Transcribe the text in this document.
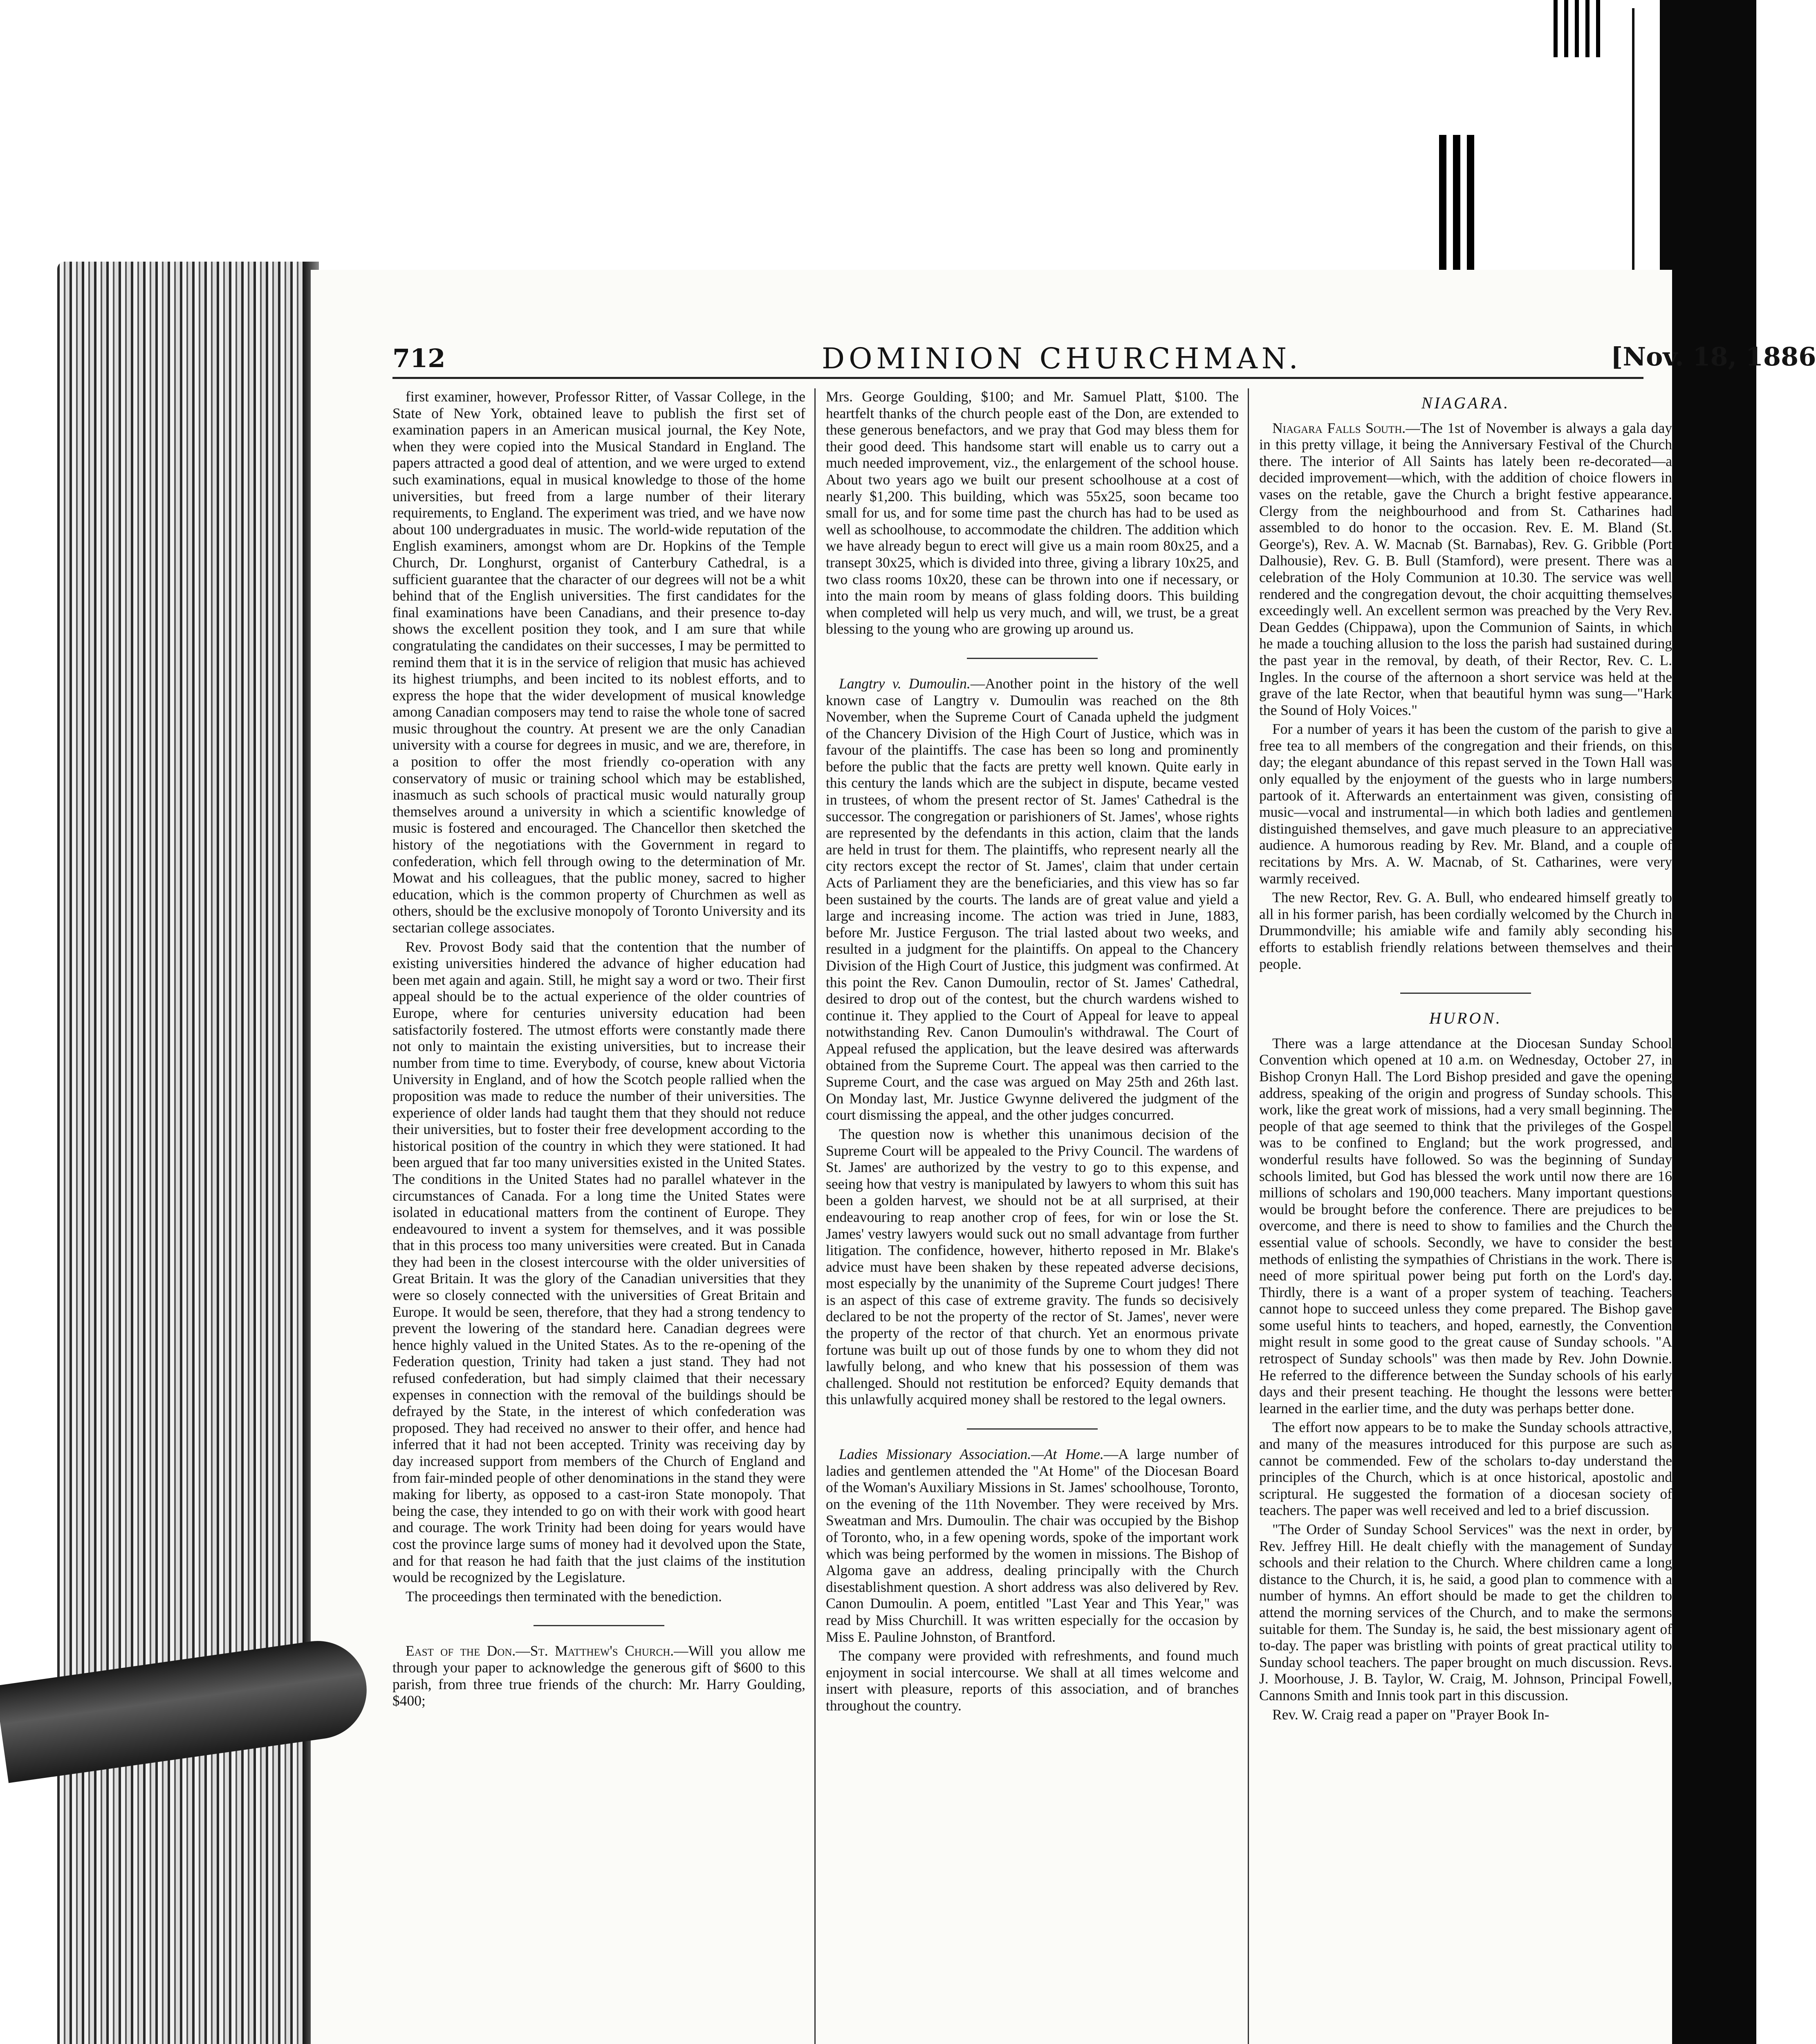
712	DOMINION CHURCHMAN.	[Nov. 18, 1886

first examiner, however, Professor Ritter, of Vassar College, in the State of New York, obtained leave to publish the first set of examination papers in an American musical journal, the Key Note, when they were copied into the Musical Standard in England. The papers attracted a good deal of attention, and we were urged to extend such examinations, equal in musical knowledge to those of the home universities, but freed from a large number of their literary requirements, to England. The experiment was tried, and we have now about 100 undergraduates in music. The world-wide reputation of the English examiners, amongst whom are Dr. Hopkins of the Temple Church, Dr. Longhurst, organist of Canterbury Cathedral, is a sufficient guarantee that the character of our degrees will not be a whit behind that of the English universities. The first candidates for the final examinations have been Canadians, and their presence to-day shows the excellent position they took, and I am sure that while congratulating the candidates on their successes, I may be permitted to remind them that it is in the service of religion that music has achieved its highest triumphs, and been incited to its noblest efforts, and to express the hope that the wider development of musical knowledge among Canadian composers may tend to raise the whole tone of sacred music throughout the country. At present we are the only Canadian university with a course for degrees in music, and we are, therefore, in a position to offer the most friendly co-operation with any conservatory of music or training school which may be established, inasmuch as such schools of practical music would naturally group themselves around a university in which a scientific knowledge of music is fostered and encouraged. The Chancellor then sketched the history of the negotiations with the Government in regard to confederation, which fell through owing to the determination of Mr. Mowat and his colleagues, that the public money, sacred to higher education, which is the common property of Churchmen as well as others, should be the exclusive monopoly of Toronto University and its sectarian college associates.

Rev. Provost Body said that the contention that the number of existing universities hindered the advance of higher education had been met again and again. Still, he might say a word or two. Their first appeal should be to the actual experience of the older countries of Europe, where for centuries university education had been satisfactorily fostered. The utmost efforts were constantly made there not only to maintain the existing universities, but to increase their number from time to time. Everybody, of course, knew about Victoria University in England, and of how the Scotch people rallied when the proposition was made to reduce the number of their universities. The experience of older lands had taught them that they should not reduce their universities, but to foster their free development according to the historical position of the country in which they were stationed. It had been argued that far too many universities existed in the United States. The conditions in the United States had no parallel whatever in the circumstances of Canada. For a long time the United States were isolated in educational matters from the continent of Europe. They endeavoured to invent a system for themselves, and it was possible that in this process too many universities were created. But in Canada they had been in the closest intercourse with the older universities of Great Britain. It was the glory of the Canadian universities that they were so closely connected with the universities of Great Britain and Europe. It would be seen, therefore, that they had a strong tendency to prevent the lowering of the standard here. Canadian degrees were hence highly valued in the United States. As to the re-opening of the Federation question, Trinity had taken a just stand. They had not refused confederation, but had simply claimed that their necessary expenses in connection with the removal of the buildings should be defrayed by the State, in the interest of which confederation was proposed. They had received no answer to their offer, and hence had inferred that it had not been accepted. Trinity was receiving day by day increased support from members of the Church of England and from fair-minded people of other denominations in the stand they were making for liberty, as opposed to a cast-iron State monopoly. That being the case, they intended to go on with their work with good heart and courage. The work Trinity had been doing for years would have cost the province large sums of money had it devolved upon the State, and for that reason he had faith that the just claims of the institution would be recognized by the Legislature.

The proceedings then terminated with the benediction.

East of the Don.—St. Matthew's Church.—Will you allow me through your paper to acknowledge the generous gift of $600 to this parish, from three true friends of the church: Mr. Harry Goulding, $400;

Mrs. George Goulding, $100; and Mr. Samuel Platt, $100. The heartfelt thanks of the church people east of the Don, are extended to these generous benefactors, and we pray that God may bless them for their good deed. This handsome start will enable us to carry out a much needed improvement, viz., the enlargement of the school house. About two years ago we built our present schoolhouse at a cost of nearly $1,200. This building, which was 55x25, soon became too small for us, and for some time past the church has had to be used as well as schoolhouse, to accommodate the children. The addition which we have already begun to erect will give us a main room 80x25, and a transept 30x25, which is divided into three, giving a library 10x25, and two class rooms 10x20, these can be thrown into one if necessary, or into the main room by means of glass folding doors. This building when completed will help us very much, and will, we trust, be a great blessing to the young who are growing up around us.

Langtry v. Dumoulin.—Another point in the history of the well known case of Langtry v. Dumoulin was reached on the 8th November, when the Supreme Court of Canada upheld the judgment of the Chancery Division of the High Court of Justice, which was in favour of the plaintiffs. The case has been so long and prominently before the public that the facts are pretty well known. Quite early in this century the lands which are the subject in dispute, became vested in trustees, of whom the present rector of St. James' Cathedral is the successor. The congregation or parishioners of St. James', whose rights are represented by the defendants in this action, claim that the lands are held in trust for them. The plaintiffs, who represent nearly all the city rectors except the rector of St. James', claim that under certain Acts of Parliament they are the beneficiaries, and this view has so far been sustained by the courts. The lands are of great value and yield a large and increasing income. The action was tried in June, 1883, before Mr. Justice Ferguson. The trial lasted about two weeks, and resulted in a judgment for the plaintiffs. On appeal to the Chancery Division of the High Court of Justice, this judgment was confirmed. At this point the Rev. Canon Dumoulin, rector of St. James' Cathedral, desired to drop out of the contest, but the church wardens wished to continue it. They applied to the Court of Appeal for leave to appeal notwithstanding Rev. Canon Dumoulin's withdrawal. The Court of Appeal refused the application, but the leave desired was afterwards obtained from the Supreme Court. The appeal was then carried to the Supreme Court, and the case was argued on May 25th and 26th last. On Monday last, Mr. Justice Gwynne delivered the judgment of the court dismissing the appeal, and the other judges concurred.

The question now is whether this unanimous decision of the Supreme Court will be appealed to the Privy Council. The wardens of St. James' are authorized by the vestry to go to this expense, and seeing how that vestry is manipulated by lawyers to whom this suit has been a golden harvest, we should not be at all surprised, at their endeavouring to reap another crop of fees, for win or lose the St. James' vestry lawyers would suck out no small advantage from further litigation. The confidence, however, hitherto reposed in Mr. Blake's advice must have been shaken by these repeated adverse decisions, most especially by the unanimity of the Supreme Court judges! There is an aspect of this case of extreme gravity. The funds so decisively declared to be not the property of the rector of St. James', never were the property of the rector of that church. Yet an enormous private fortune was built up out of those funds by one to whom they did not lawfully belong, and who knew that his possession of them was challenged. Should not restitution be enforced? Equity demands that this unlawfully acquired money shall be restored to the legal owners.

Ladies Missionary Association.—At Home.—A large number of ladies and gentlemen attended the "At Home" of the Diocesan Board of the Woman's Auxiliary Missions in St. James' schoolhouse, Toronto, on the evening of the 11th November. They were received by Mrs. Sweatman and Mrs. Dumoulin. The chair was occupied by the Bishop of Toronto, who, in a few opening words, spoke of the important work which was being performed by the women in missions. The Bishop of Algoma gave an address, dealing principally with the Church disestablishment question. A short address was also delivered by Rev. Canon Dumoulin. A poem, entitled "Last Year and This Year," was read by Miss Churchill. It was written especially for the occasion by Miss E. Pauline Johnston, of Brantford.

The company were provided with refreshments, and found much enjoyment in social intercourse. We shall at all times welcome and insert with pleasure, reports of this association, and of branches throughout the country.

NIAGARA.

Niagara Falls South.—The 1st of November is always a gala day in this pretty village, it being the Anniversary Festival of the Church there. The interior of All Saints has lately been re-decorated—a decided improvement—which, with the addition of choice flowers in vases on the retable, gave the Church a bright festive appearance. Clergy from the neighbourhood and from St. Catharines had assembled to do honor to the occasion. Rev. E. M. Bland (St. George's), Rev. A. W. Macnab (St. Barnabas), Rev. G. Gribble (Port Dalhousie), Rev. G. B. Bull (Stamford), were present. There was a celebration of the Holy Communion at 10.30. The service was well rendered and the congregation devout, the choir acquitting themselves exceedingly well. An excellent sermon was preached by the Very Rev. Dean Geddes (Chippawa), upon the Communion of Saints, in which he made a touching allusion to the loss the parish had sustained during the past year in the removal, by death, of their Rector, Rev. C. L. Ingles. In the course of the afternoon a short service was held at the grave of the late Rector, when that beautiful hymn was sung—"Hark the Sound of Holy Voices."

For a number of years it has been the custom of the parish to give a free tea to all members of the congregation and their friends, on this day; the elegant abundance of this repast served in the Town Hall was only equalled by the enjoyment of the guests who in large numbers partook of it. Afterwards an entertainment was given, consisting of music—vocal and instrumental—in which both ladies and gentlemen distinguished themselves, and gave much pleasure to an appreciative audience. A humorous reading by Rev. Mr. Bland, and a couple of recitations by Mrs. A. W. Macnab, of St. Catharines, were very warmly received.

The new Rector, Rev. G. A. Bull, who endeared himself greatly to all in his former parish, has been cordially welcomed by the Church in Drummondville; his amiable wife and family ably seconding his efforts to establish friendly relations between themselves and their people.

HURON.

There was a large attendance at the Diocesan Sunday School Convention which opened at 10 a.m. on Wednesday, October 27, in Bishop Cronyn Hall. The Lord Bishop presided and gave the opening address, speaking of the origin and progress of Sunday schools. This work, like the great work of missions, had a very small beginning. The people of that age seemed to think that the privileges of the Gospel was to be confined to England; but the work progressed, and wonderful results have followed. So was the beginning of Sunday schools limited, but God has blessed the work until now there are 16 millions of scholars and 190,000 teachers. Many important questions would be brought before the conference. There are prejudices to be overcome, and there is need to show to families and the Church the essential value of schools. Secondly, we have to consider the best methods of enlisting the sympathies of Christians in the work. There is need of more spiritual power being put forth on the Lord's day. Thirdly, there is a want of a proper system of teaching. Teachers cannot hope to succeed unless they come prepared. The Bishop gave some useful hints to teachers, and hoped, earnestly, the Convention might result in some good to the great cause of Sunday schools. "A retrospect of Sunday schools" was then made by Rev. John Downie. He referred to the difference between the Sunday schools of his early days and their present teaching. He thought the lessons were better learned in the earlier time, and the duty was perhaps better done.

The effort now appears to be to make the Sunday schools attractive, and many of the measures introduced for this purpose are such as cannot be commended. Few of the scholars to-day understand the principles of the Church, which is at once historical, apostolic and scriptural. He suggested the formation of a diocesan society of teachers. The paper was well received and led to a brief discussion.

"The Order of Sunday School Services" was the next in order, by Rev. Jeffrey Hill. He dealt chiefly with the management of Sunday schools and their relation to the Church. Where children came a long distance to the Church, it is, he said, a good plan to commence with a number of hymns. An effort should be made to get the children to attend the morning services of the Church, and to make the sermons suitable for them. The Sunday is, he said, the best missionary agent of to-day. The paper was bristling with points of great practical utility to Sunday school teachers. The paper brought on much discussion. Revs. J. Moorhouse, J. B. Taylor, W. Craig, M. Johnson, Principal Fowell, Cannons Smith and Innis took part in this discussion.

Rev. W. Craig read a paper on "Prayer Book In-
